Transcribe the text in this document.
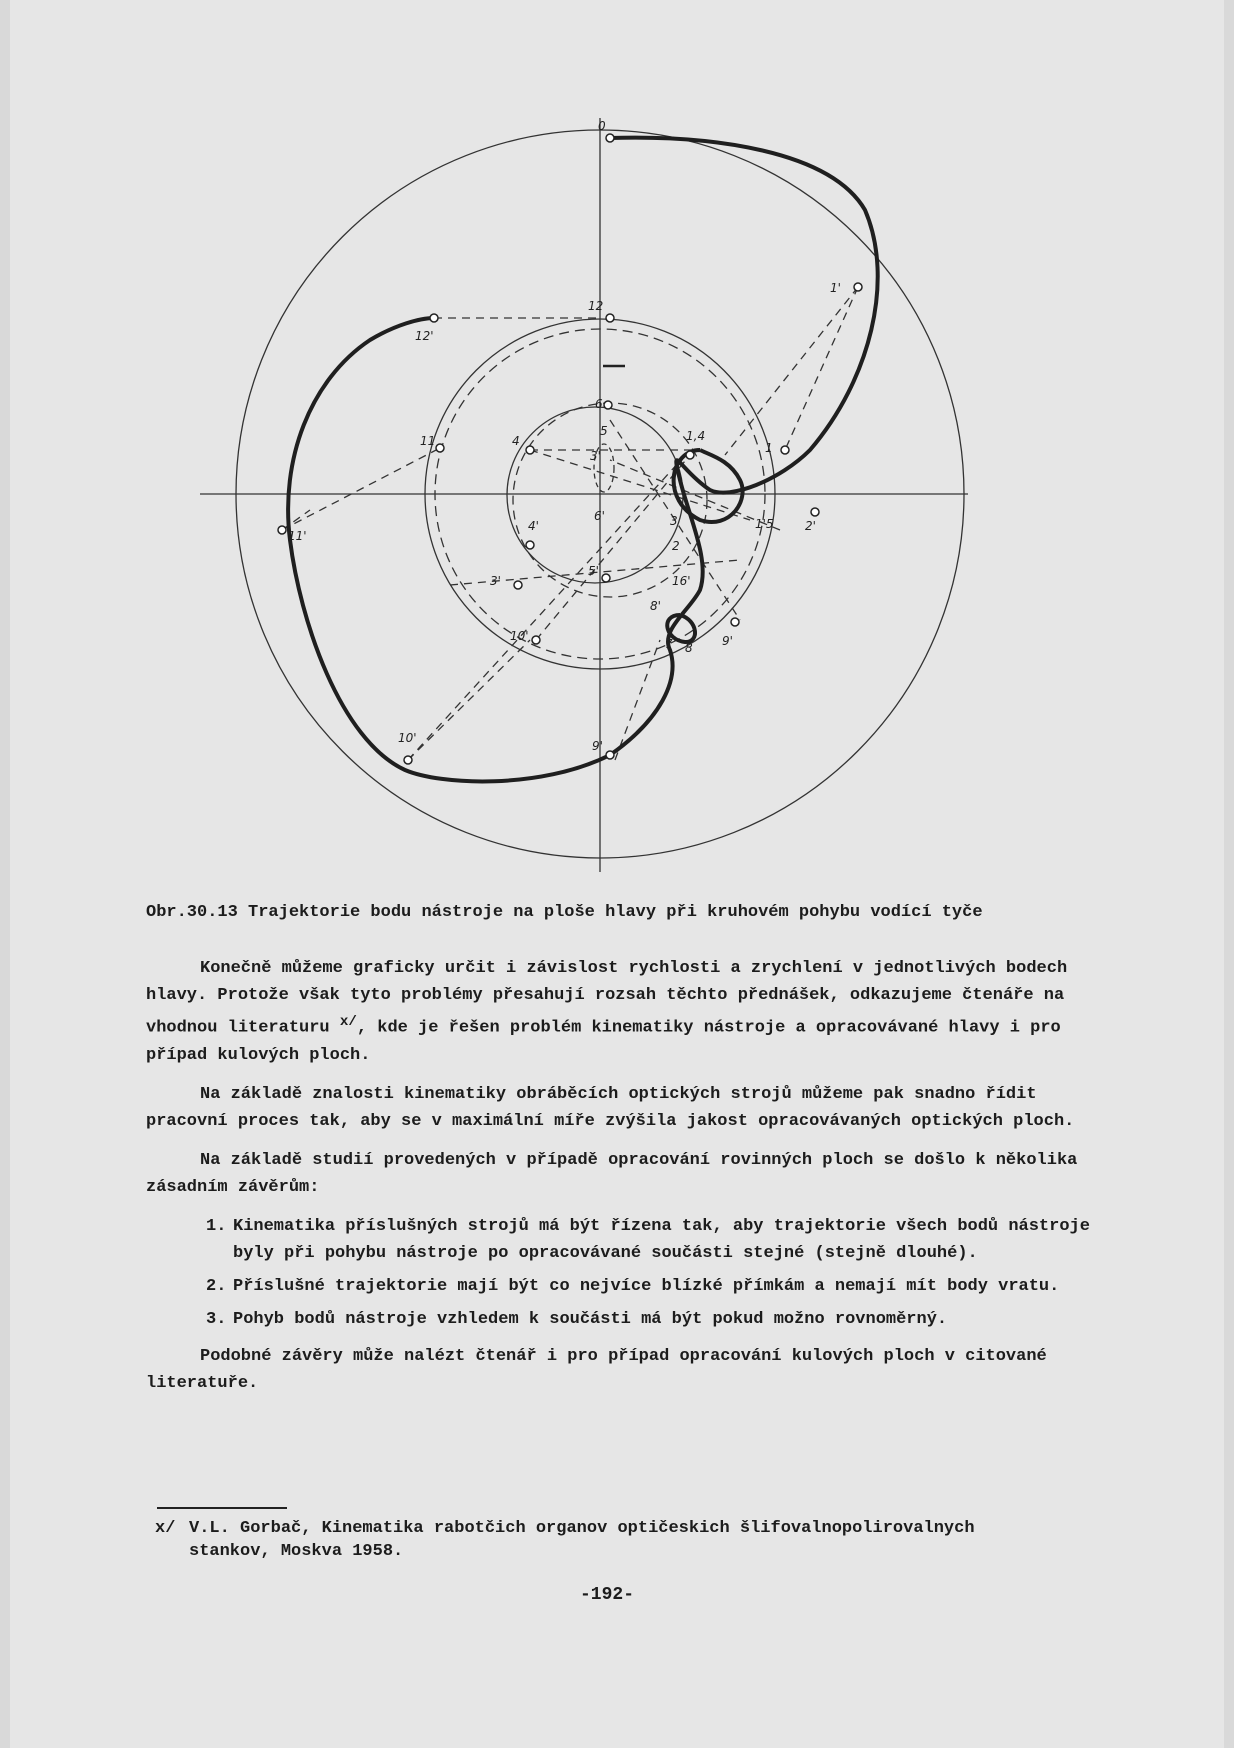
0
1'
12
12'
11
11'
1
4	1,4
6
5
3'
6'
4'
5'
3
2
1'5	2'
3'	16'
8'
10'
7 8 9'
10'
9'
Obr.30.13 Trajektorie bodu nástroje na ploše hlavy při kruhovém pohybu vodící tyče

Konečně můžeme graficky určit i závislost rychlosti a zrychlení v jednotlivých bodech hlavy. Protože však tyto problémy přesahují rozsah těchto přednášek, odkazujeme čtenáře na vhodnou literaturu $^{x/}$, kde je řešen problém kinematiky nástroje a opracovávané hlavy i pro případ kulových ploch.

Na základě znalosti kinematiky obráběcích optických strojů můžeme pak snadno řídit pracovní proces tak, aby se v maximální míře zvýšila jakost opracovávaných optických ploch.

Na základě studií provedených v případě opracování rovinných ploch se došlo k několika zásadním závěrům:

1. Kinematika příslušných strojů má být řízena tak, aby trajektorie všech bodů nástroje byly při pohybu nástroje po opracovávané součásti stejné (stejně dlouhé).
2. Příslušné trajektorie mají být co nejvíce blízké přímkám a nemají mít body vratu.
3. Pohyb bodů nástroje vzhledem k součásti má být pokud možno rovnoměrný.

Podobné závěry může nalézt čtenář i pro případ opracování kulových ploch v citované literatuře.

x/ V.L. Gorbač, Kinematika rabotčich organov optičeskich šlifovalnopolirovalnych
stankov, Moskva 1958.
-192-
